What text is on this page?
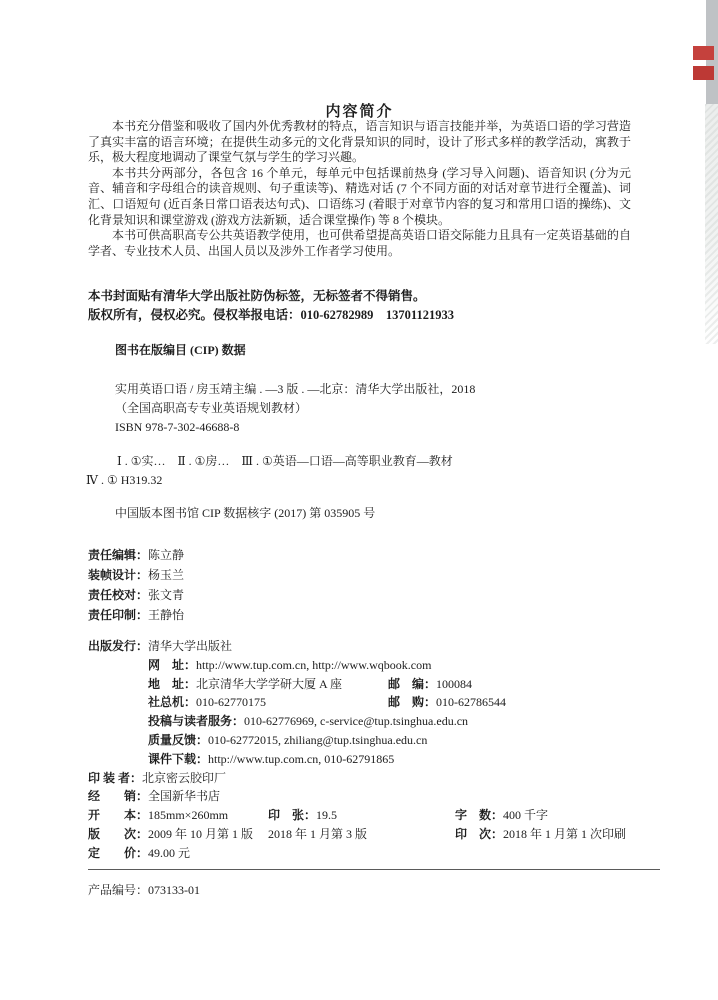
内容简介

本书充分借鉴和吸收了国内外优秀教材的特点，语言知识与语言技能并举，为英语口语的学习营造了真实丰富的语言环境；在提供生动多元的文化背景知识的同时，设计了形式多样的教学活动，寓教于乐，极大程度地调动了课堂气氛与学生的学习兴趣。

本书共分两部分，各包含 16 个单元，每单元中包括课前热身 (学习导入问题)、语音知识 (分为元音、辅音和字母组合的读音规则、句子重读等)、精选对话 (7 个不同方面的对话对章节进行全覆盖)、词汇、口语短句 (近百条日常口语表达句式)、口语练习 (着眼于对章节内容的复习和常用口语的操练)、文化背景知识和课堂游戏 (游戏方法新颖，适合课堂操作) 等 8 个模块。

本书可供高职高专公共英语教学使用，也可供希望提高英语口语交际能力且具有一定英语基础的自学者、专业技术人员、出国人员以及涉外工作者学习使用。

本书封面贴有清华大学出版社防伪标签，无标签者不得销售。
版权所有，侵权必究。侵权举报电话：010-62782989　13701121933
图书在版编目 (CIP) 数据
实用英语口语 / 房玉靖主编 . —3 版 . —北京：清华大学出版社，2018
（全国高职高专专业英语规划教材）
ISBN 978-7-302-46688-8
Ⅰ . ①实…　Ⅱ . ①房…　Ⅲ . ①英语—口语—高等职业教育—教材
Ⅳ . ① H319.32
中国版本图书馆 CIP 数据核字 (2017) 第 035905 号
责任编辑：陈立静
装帧设计：杨玉兰
责任校对：张文青
责任印制：王静怡
出版发行：清华大学出版社
网　址：http://www.tup.com.cn, http://www.wqbook.com
地　址：北京清华大学学研大厦 A 座	邮　编：100084
社总机：010-62770175	邮　购：010-62786544
投稿与读者服务：010-62776969, c-service@tup.tsinghua.edu.cn
质量反馈：010-62772015, zhiliang@tup.tsinghua.edu.cn
课件下载：http://www.tup.com.cn, 010-62791865
印 装 者：北京密云胶印厂
经　　销：全国新华书店
开　　本：185mm×260mm	印　张：19.5	字　数：400 千字
版　　次：2009 年 10 月第 1 版 2018 年 1 月第 3 版	印　次：2018 年 1 月第 1 次印刷
定　　价：49.00 元
产品编号：073133-01
